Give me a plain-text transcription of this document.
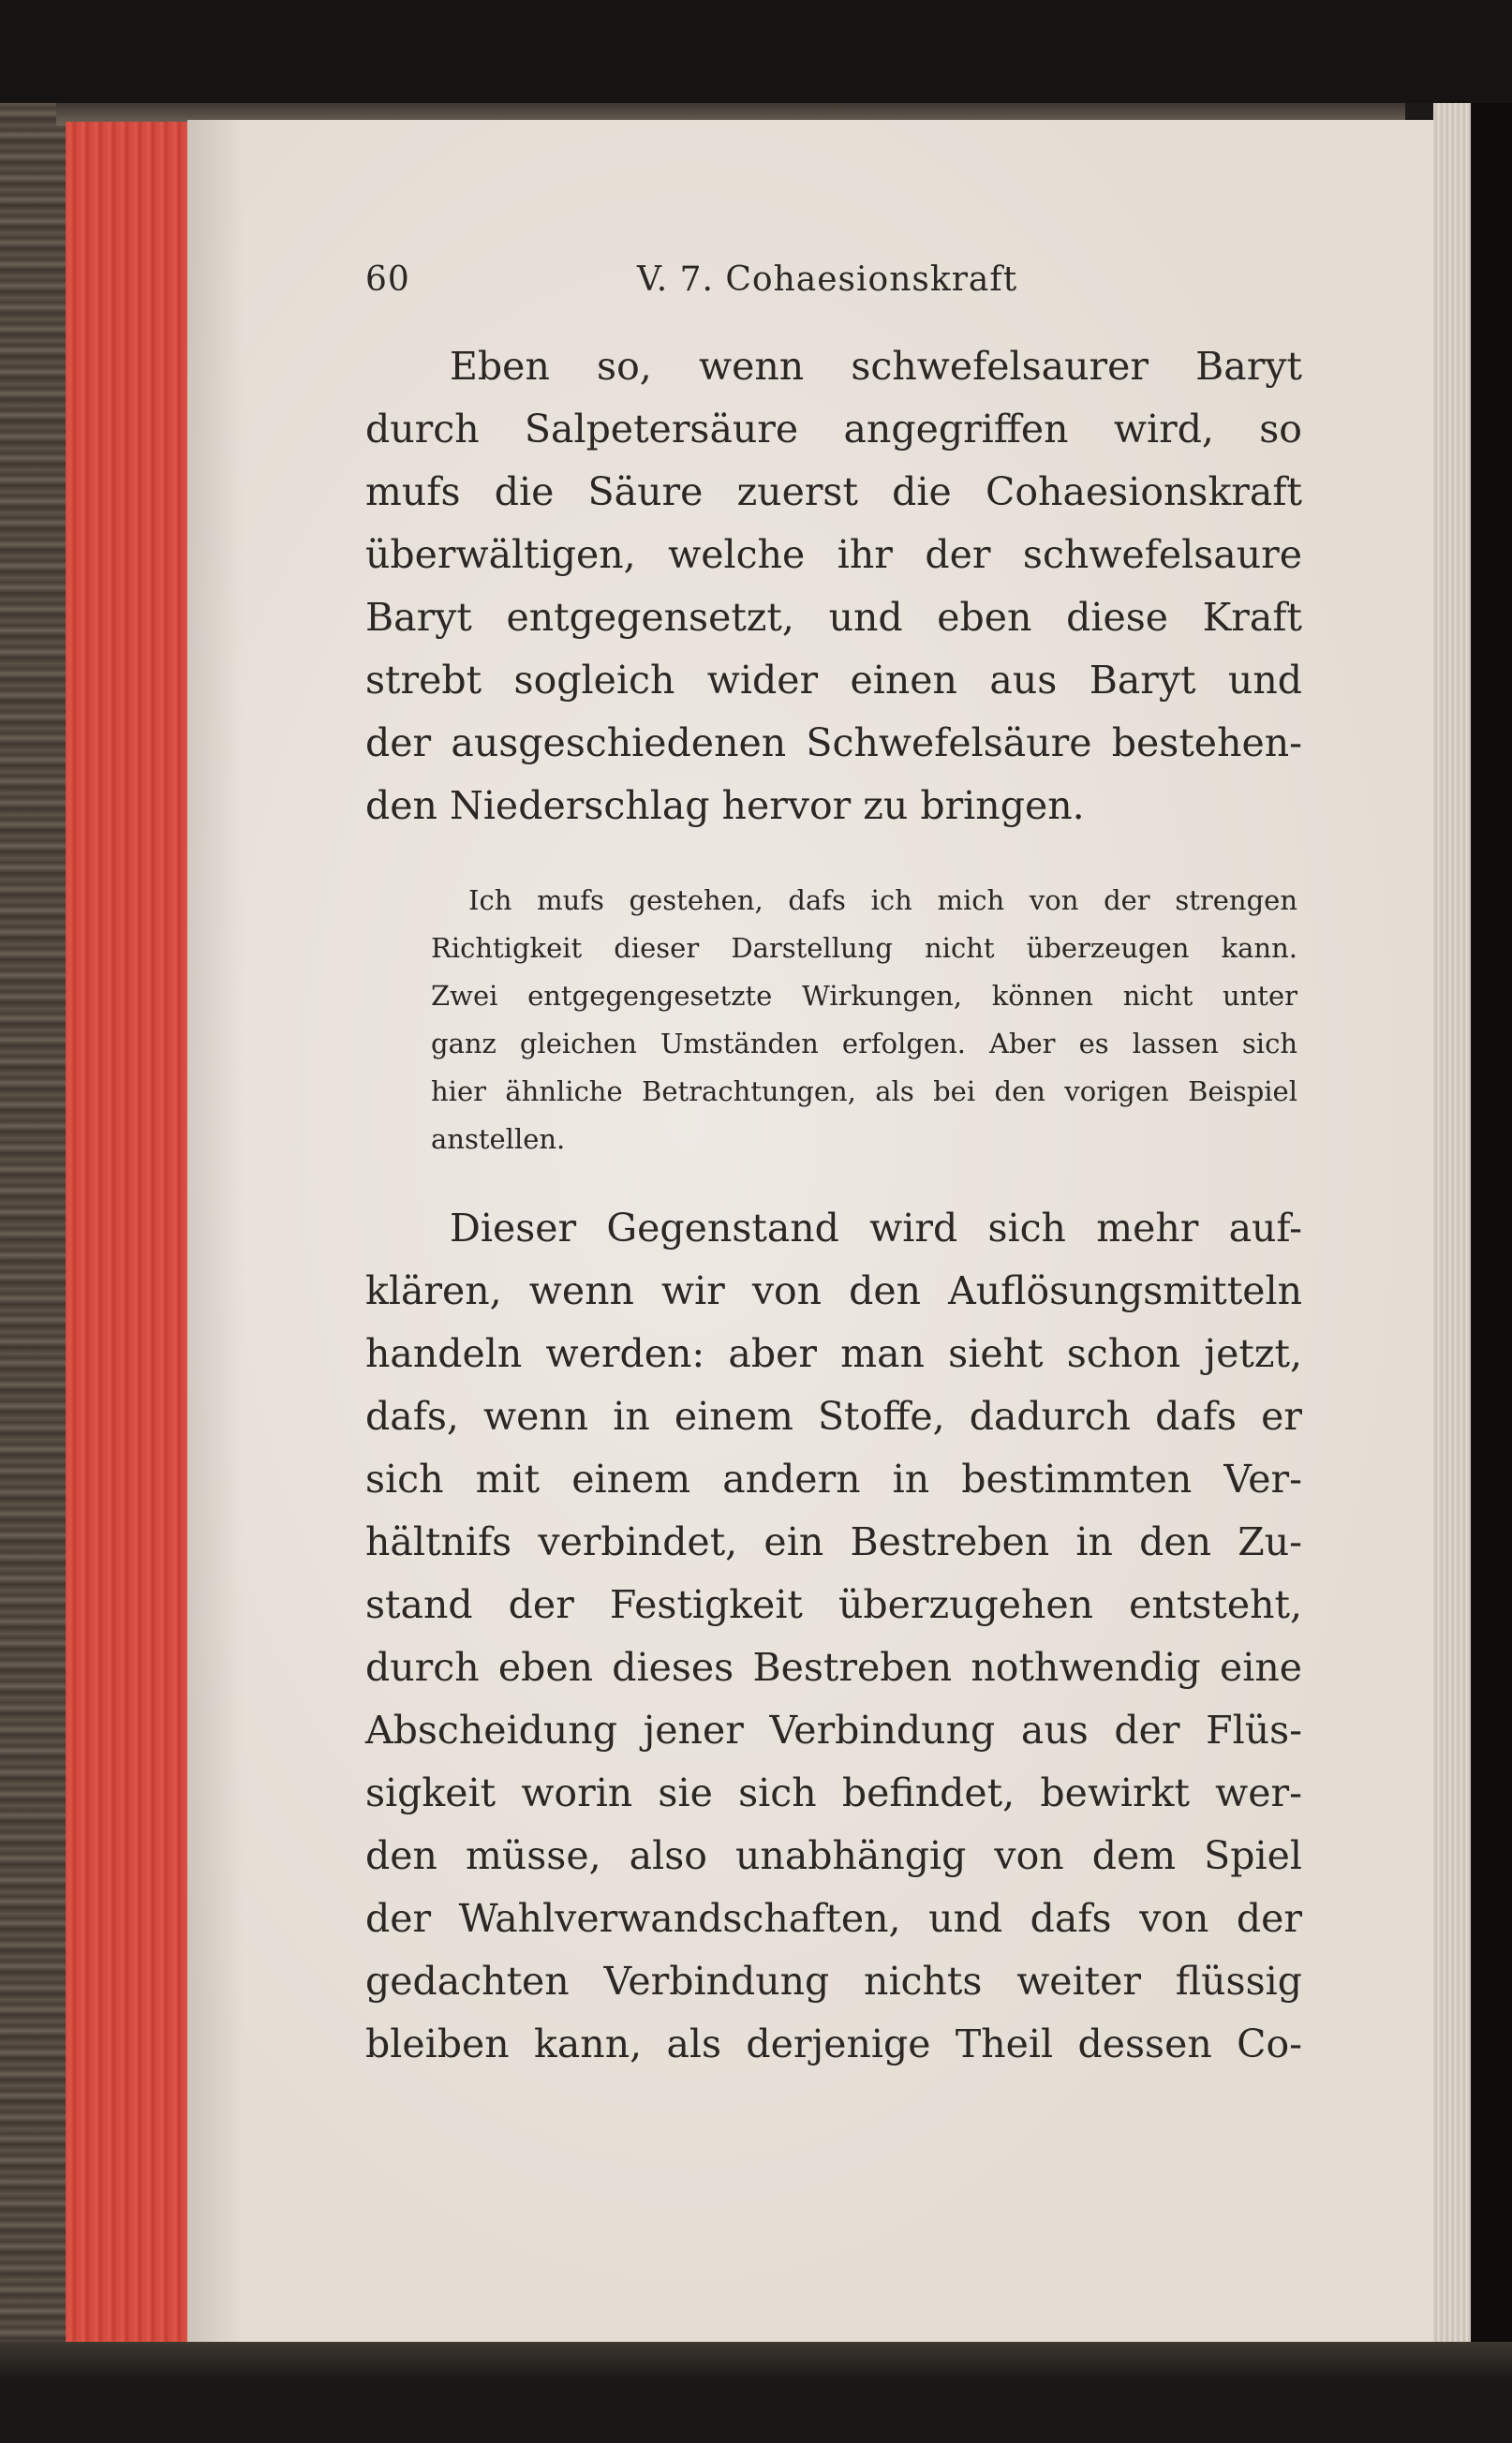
60	V. 7. Cohaesionskraft

Eben so, wenn schwefelsaurer Baryt
durch Salpetersäure angegriffen wird, so
mufs die Säure zuerst die Cohaesionskraft
überwältigen, welche ihr der schwefelsaure
Baryt entgegensetzt, und eben diese Kraft
strebt sogleich wider einen aus Baryt und
der ausgeschiedenen Schwefelsäure bestehen-
den Niederschlag hervor zu bringen.

Ich mufs gestehen, dafs ich mich von der strengen
Richtigkeit dieser Darstellung nicht überzeugen kann.
Zwei entgegengesetzte Wirkungen, können nicht unter
ganz gleichen Umständen erfolgen. Aber es lassen sich
hier ähnliche Betrachtungen, als bei den vorigen Beispiel
anstellen.

Dieser Gegenstand wird sich mehr auf-
klären, wenn wir von den Auflösungsmitteln
handeln werden: aber man sieht schon jetzt,
dafs, wenn in einem Stoffe, dadurch dafs er
sich mit einem andern in bestimmten Ver-
hältnifs verbindet, ein Bestreben in den Zu-
stand der Festigkeit überzugehen entsteht,
durch eben dieses Bestreben nothwendig eine
Abscheidung jener Verbindung aus der Flüs-
sigkeit worin sie sich befindet, bewirkt wer-
den müsse, also unabhängig von dem Spiel
der Wahlverwandschaften, und dafs von der
gedachten Verbindung nichts weiter flüssig
bleiben kann, als derjenige Theil dessen Co-
